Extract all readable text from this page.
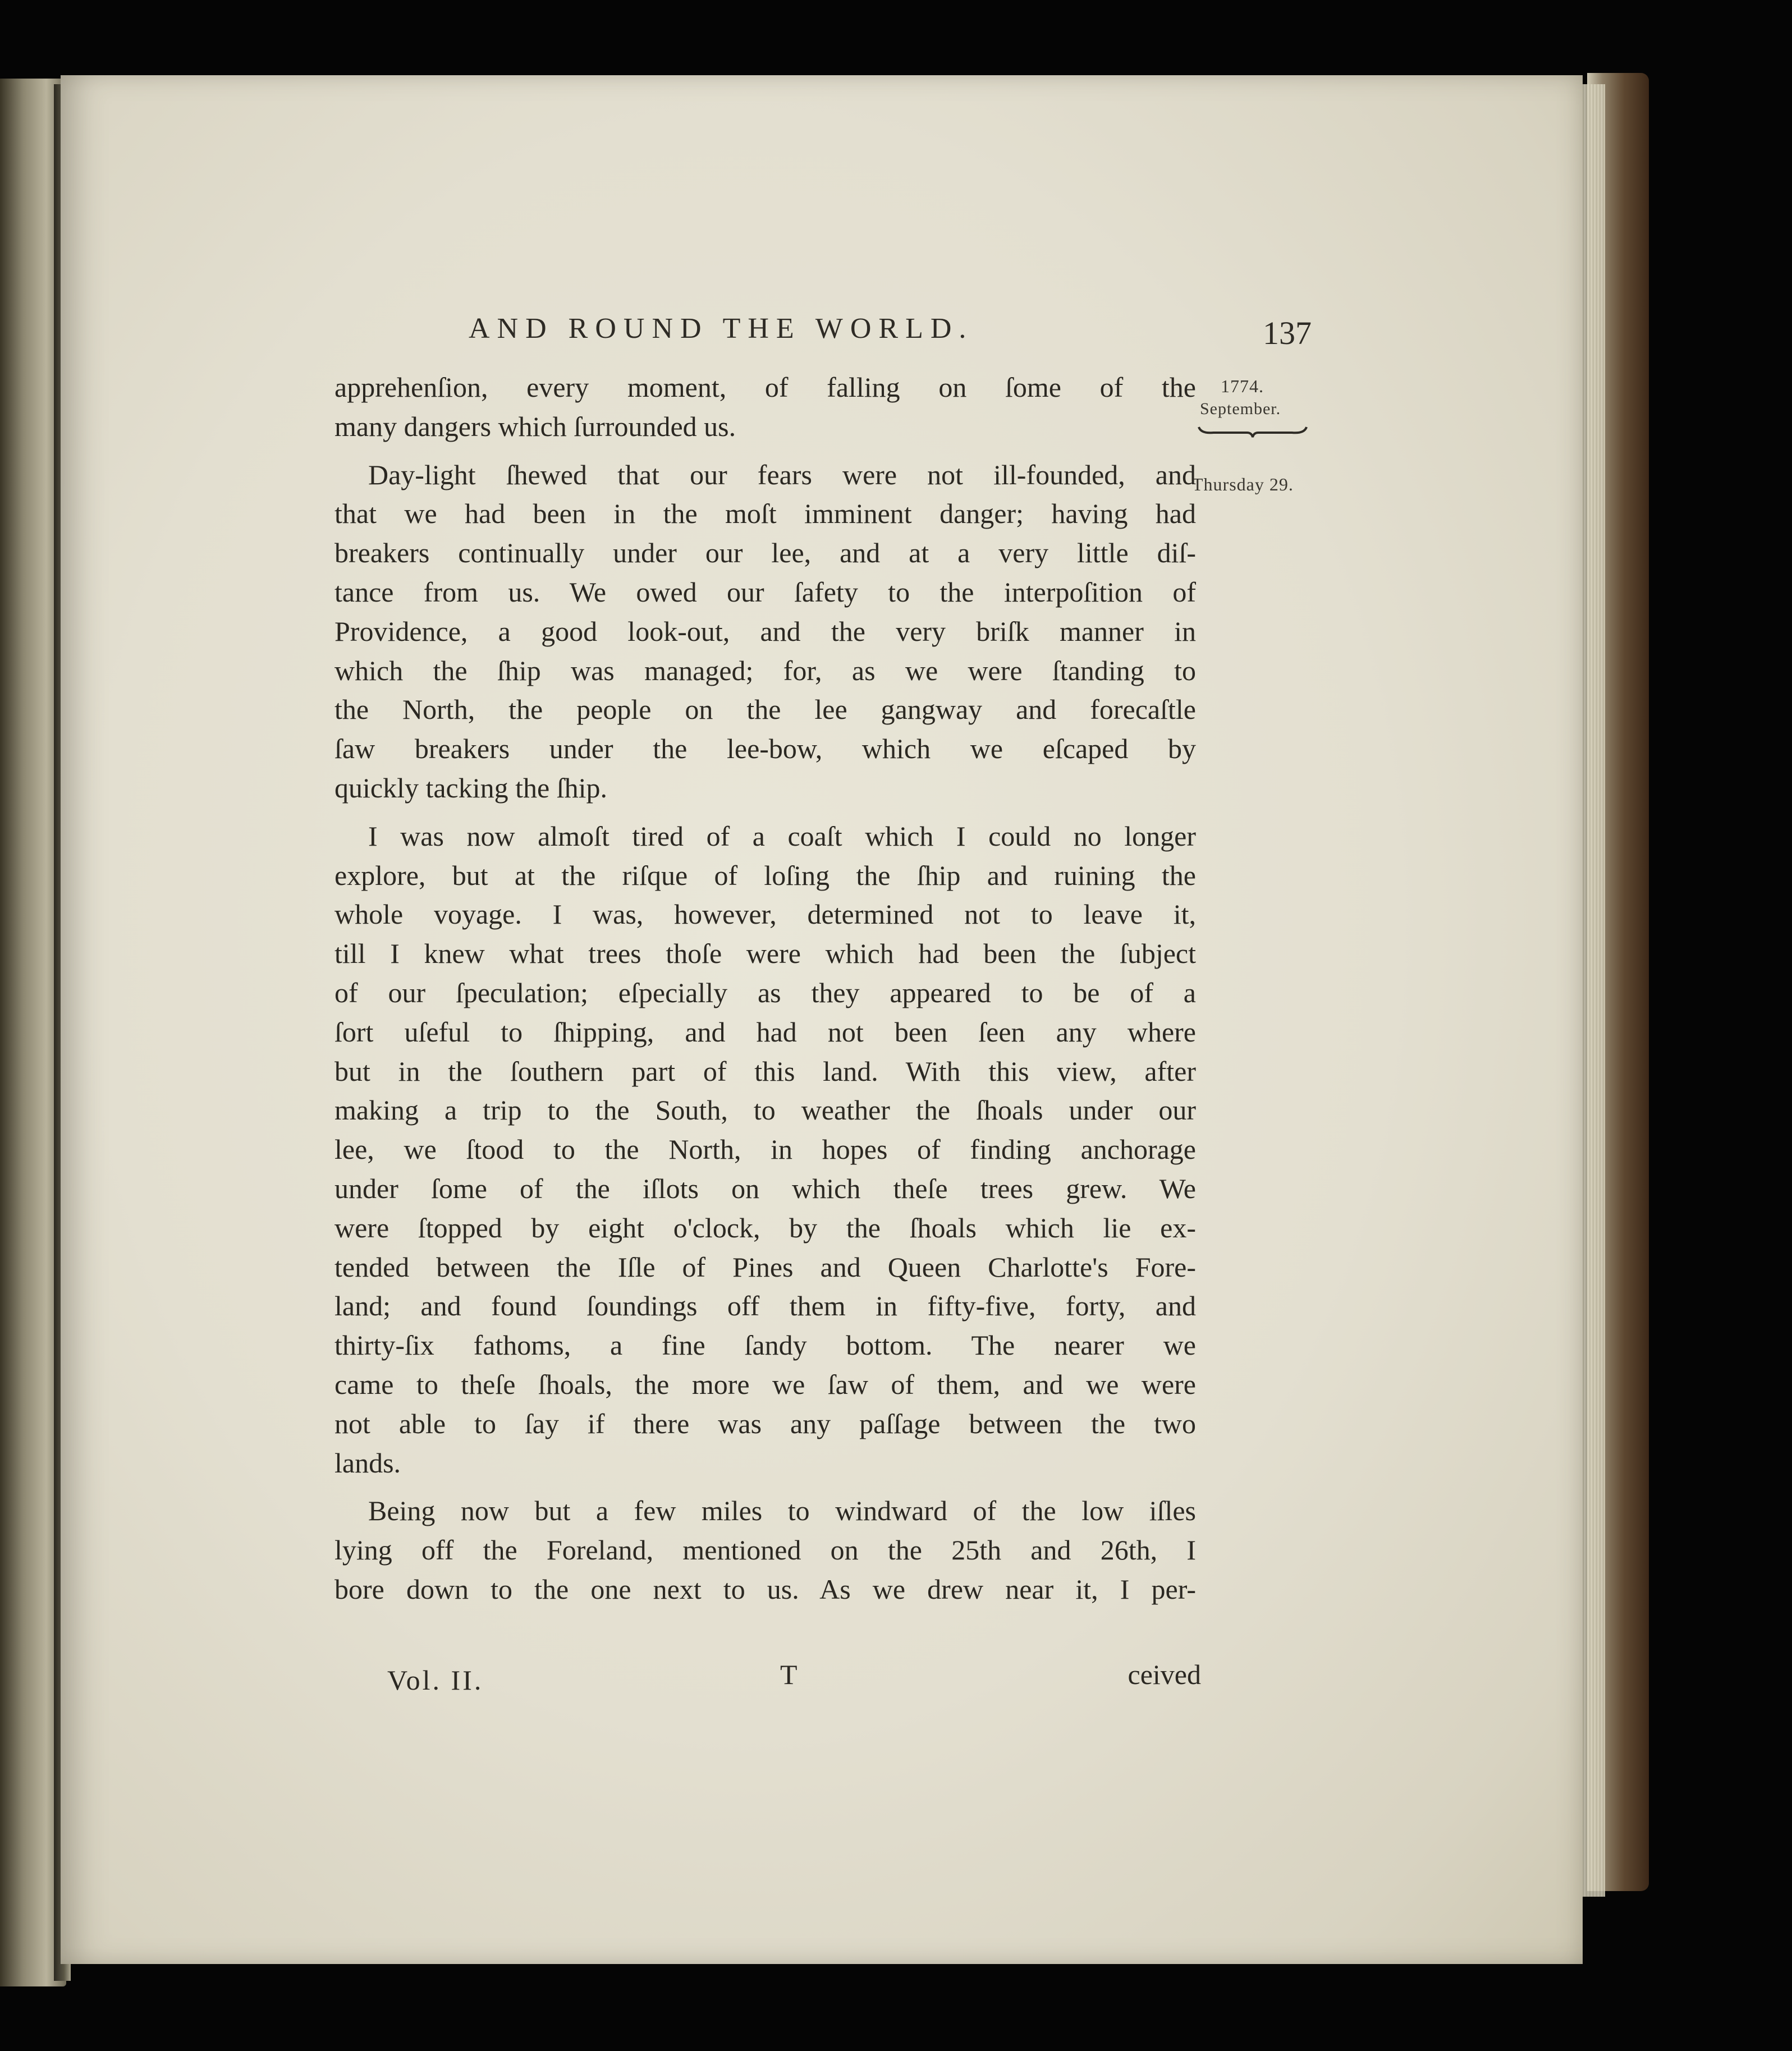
AND ROUND THE WORLD.	137
1774.
September.
Thursday 29.
apprehenſion, every moment, of falling on ſome of the
many dangers which ſurrounded us.
Day-light ſhewed that our fears were not ill-founded, and
that we had been in the moſt imminent danger; having had
breakers continually under our lee, and at a very little diſ-
tance from us. We owed our ſafety to the interpoſition of
Providence, a good look-out, and the very briſk manner in
which the ſhip was managed; for, as we were ſtanding to
the North, the people on the lee gangway and forecaſtle
ſaw breakers under the lee-bow, which we eſcaped by
quickly tacking the ſhip.
I was now almoſt tired of a coaſt which I could no longer
explore, but at the riſque of loſing the ſhip and ruining the
whole voyage. I was, however, determined not to leave it,
till I knew what trees thoſe were which had been the ſubject
of our ſpeculation; eſpecially as they appeared to be of a
ſort uſeful to ſhipping, and had not been ſeen any where
but in the ſouthern part of this land. With this view, after
making a trip to the South, to weather the ſhoals under our
lee, we ſtood to the North, in hopes of finding anchorage
under ſome of the iſlots on which theſe trees grew. We
were ſtopped by eight o'clock, by the ſhoals which lie ex-
tended between the Iſle of Pines and Queen Charlotte's Fore-
land; and found ſoundings off them in fifty-five, forty, and
thirty-ſix fathoms, a fine ſandy bottom. The nearer we
came to theſe ſhoals, the more we ſaw of them, and we were
not able to ſay if there was any paſſage between the two
lands.
Being now but a few miles to windward of the low iſles
lying off the Foreland, mentioned on the 25th and 26th, I
bore down to the one next to us. As we drew near it, I per-
Vol. II.	T	ceived
